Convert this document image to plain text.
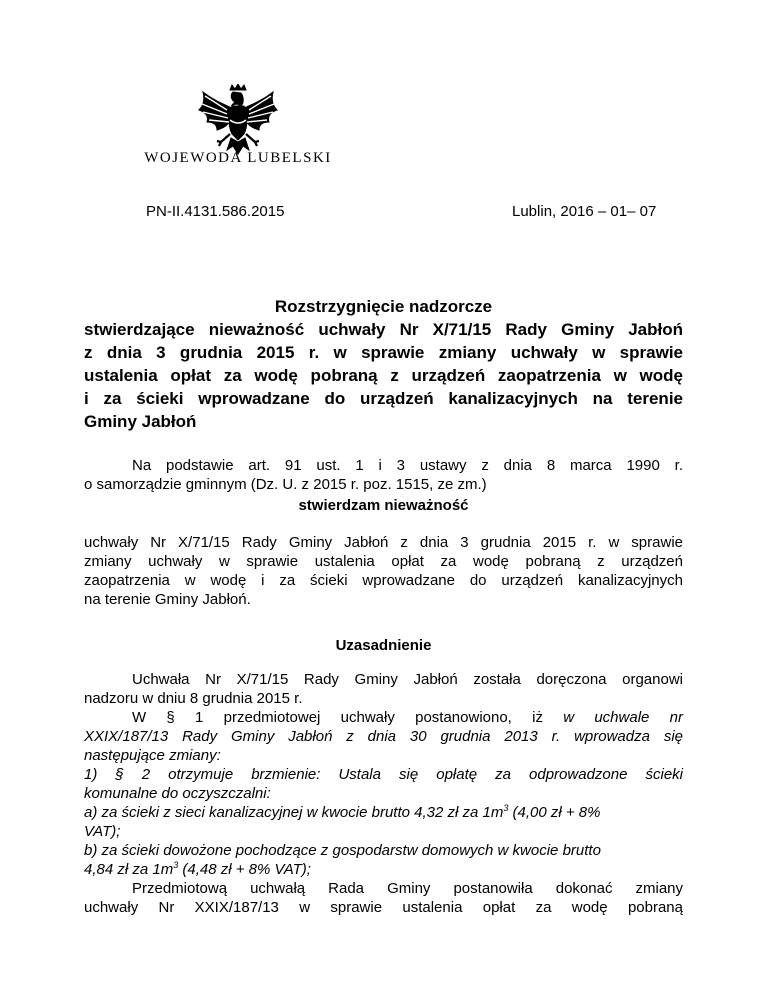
WOJEWODA LUBELSKI
PN-II.4131.586.2015	Lublin, 2016 – 01– 07
Rozstrzygnięcie nadzorcze
stwierdzające nieważność uchwały Nr X/71/15 Rady Gminy Jabłoń
z dnia 3 grudnia 2015 r. w sprawie zmiany uchwały w sprawie
ustalenia opłat za wodę pobraną z urządzeń zaopatrzenia w wodę
i za ścieki wprowadzane do urządzeń kanalizacyjnych na terenie
Gminy Jabłoń
Na podstawie art. 91 ust. 1 i 3 ustawy z dnia 8 marca 1990 r.
o samorządzie gminnym (Dz. U. z 2015 r. poz. 1515, ze zm.)
stwierdzam nieważność
uchwały Nr X/71/15 Rady Gminy Jabłoń z dnia 3 grudnia 2015 r. w sprawie
zmiany uchwały w sprawie ustalenia opłat za wodę pobraną z urządzeń
zaopatrzenia w wodę i za ścieki wprowadzane do urządzeń kanalizacyjnych
na terenie Gminy Jabłoń.
Uzasadnienie
Uchwała Nr X/71/15 Rady Gminy Jabłoń została doręczona organowi
nadzoru w dniu 8 grudnia 2015 r.
W § 1 przedmiotowej uchwały postanowiono, iż w uchwale nr
XXIX/187/13 Rady Gminy Jabłoń z dnia 30 grudnia 2013 r. wprowadza się
następujące zmiany:
1) § 2 otrzymuje brzmienie: Ustala się opłatę za odprowadzone ścieki
komunalne do oczyszczalni:
a) za ścieki z sieci kanalizacyjnej w kwocie brutto 4,32 zł za $1m^3$ (4,00 zł + 8%
VAT);
b) za ścieki dowożone pochodzące z gospodarstw domowych w kwocie brutto
4,84 zł za $1m^3$ (4,48 zł + 8% VAT);
Przedmiotową uchwałą Rada Gminy postanowiła dokonać zmiany
uchwały Nr XXIX/187/13 w sprawie ustalenia opłat za wodę pobraną
